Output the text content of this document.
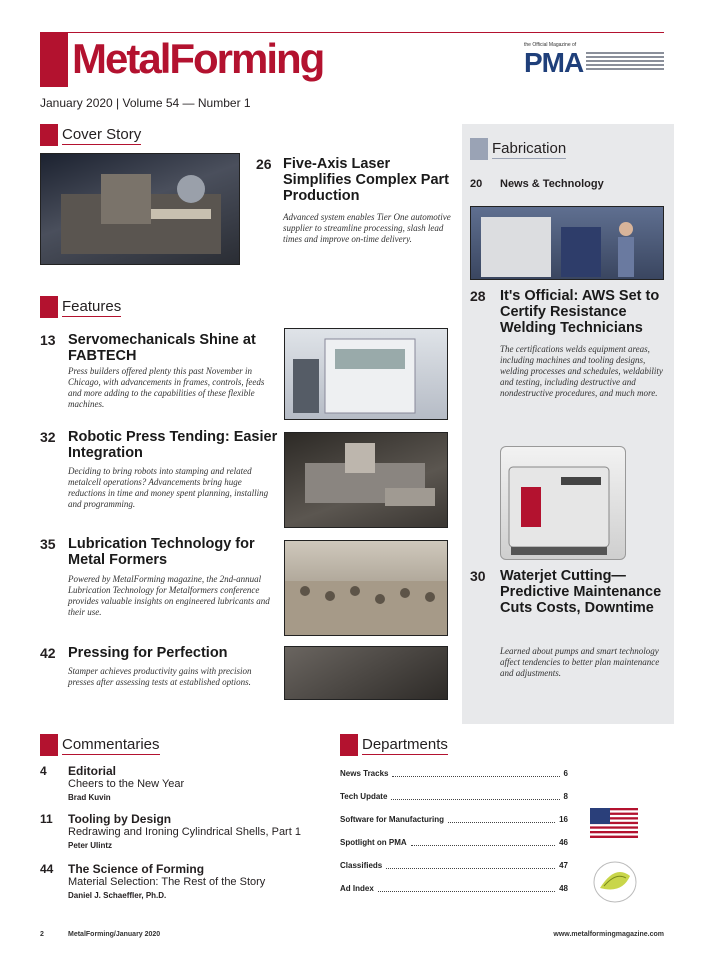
MetalForming
January 2020 | Volume 54 — Number 1
the Official Magazine of
PMA
Cover Story
26 Five-Axis Laser Simplifies Complex Part Production
Advanced system enables Tier One automotive supplier to streamline processing, slash lead times and improve on-time delivery.
Features
13 Servomechanicals Shine at FABTECH
Press builders offered plenty this past November in Chicago, with advancements in frames, controls, feeds and more adding to the capabilities of these flexible machines.
32 Robotic Press Tending: Easier Integration
Deciding to bring robots into stamping and related metalcell operations? Advancements bring huge reductions in time and money spent planning, installing and programming.
35 Lubrication Technology for Metal Formers
Powered by MetalForming magazine, the 2nd-annual Lubrication Technology for Metalformers conference provides valuable insights on engineered lubricants and their use.
42 Pressing for Perfection
Stamper achieves productivity gains with precision presses after assessing tests at established options.
Fabrication
20 News & Technology
28 It's Official: AWS Set to Certify Resistance Welding Technicians
The certifications welds equipment areas, including machines and tooling designs, welding processes and schedules, weldability and testing, including destructive and nondestructive procedures, and much more.
30 Waterjet Cutting— Predictive Maintenance Cuts Costs, Downtime
Learned about pumps and smart technology affect tendencies to better plan maintenance and adjustments.
Commentaries
4 Editorial
Cheers to the New Year
Brad Kuvin
11 Tooling by Design
Redrawing and Ironing Cylindrical Shells, Part 1
Peter Ulintz
44 The Science of Forming
Material Selection: The Rest of the Story
Daniel J. Schaeffler, Ph.D.
Departments
News Tracks	6
Tech Update	8
Software for Manufacturing	16
Spotlight on PMA	46
Classifieds	47
Ad Index	48
2	MetalForming/January 2020	www.metalformingmagazine.com
